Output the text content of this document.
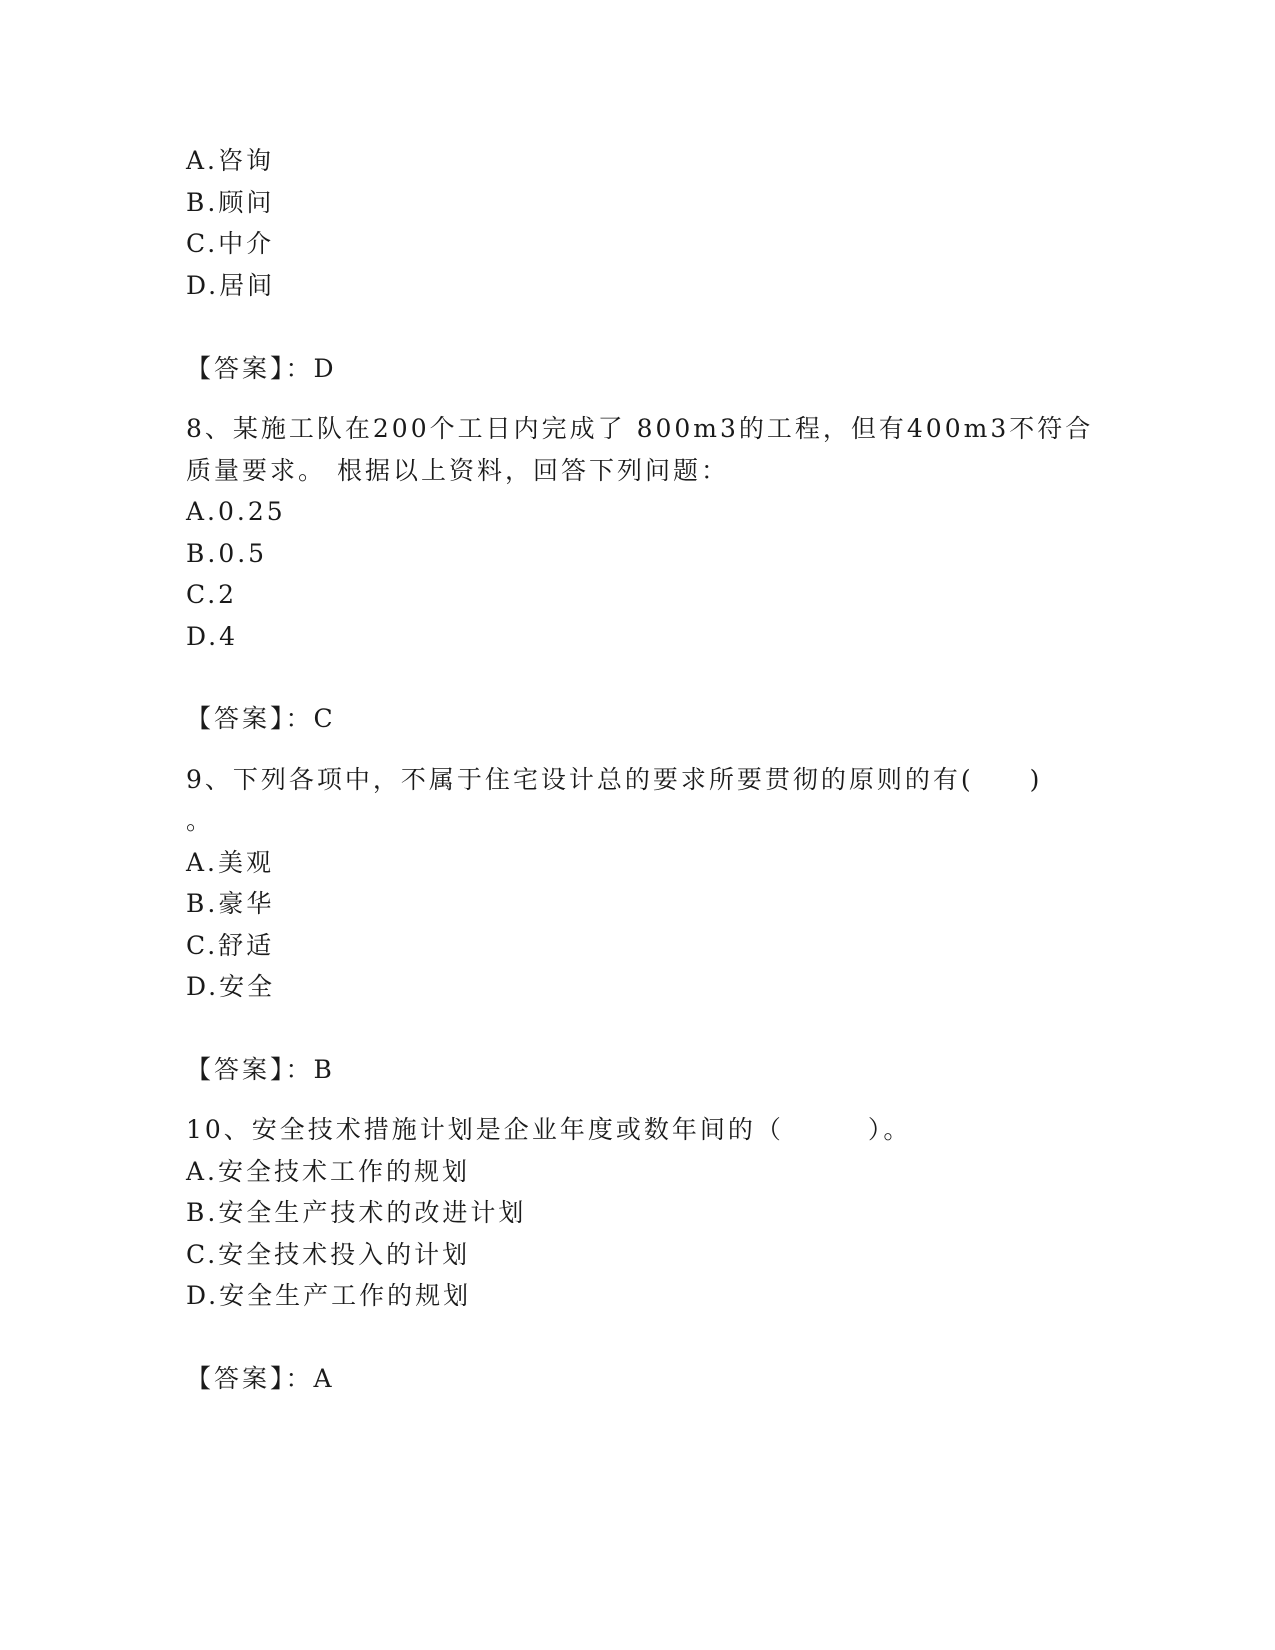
A.咨询
B.顾问
C.中介
D.居间
【答案】：D
8、某施工队在200个工日内完成了 800m3的工程，但有400m3不符合
质量要求。 根据以上资料，回答下列问题：
A.0.25
B.0.5
C.2
D.4
【答案】：C
9、下列各项中，不属于住宅设计总的要求所要贯彻的原则的有(　　)
。
A.美观
B.豪华
C.舒适
D.安全
【答案】：B
10、安全技术措施计划是企业年度或数年间的（　　　）。
A.安全技术工作的规划
B.安全生产技术的改进计划
C.安全技术投入的计划
D.安全生产工作的规划
【答案】：A
